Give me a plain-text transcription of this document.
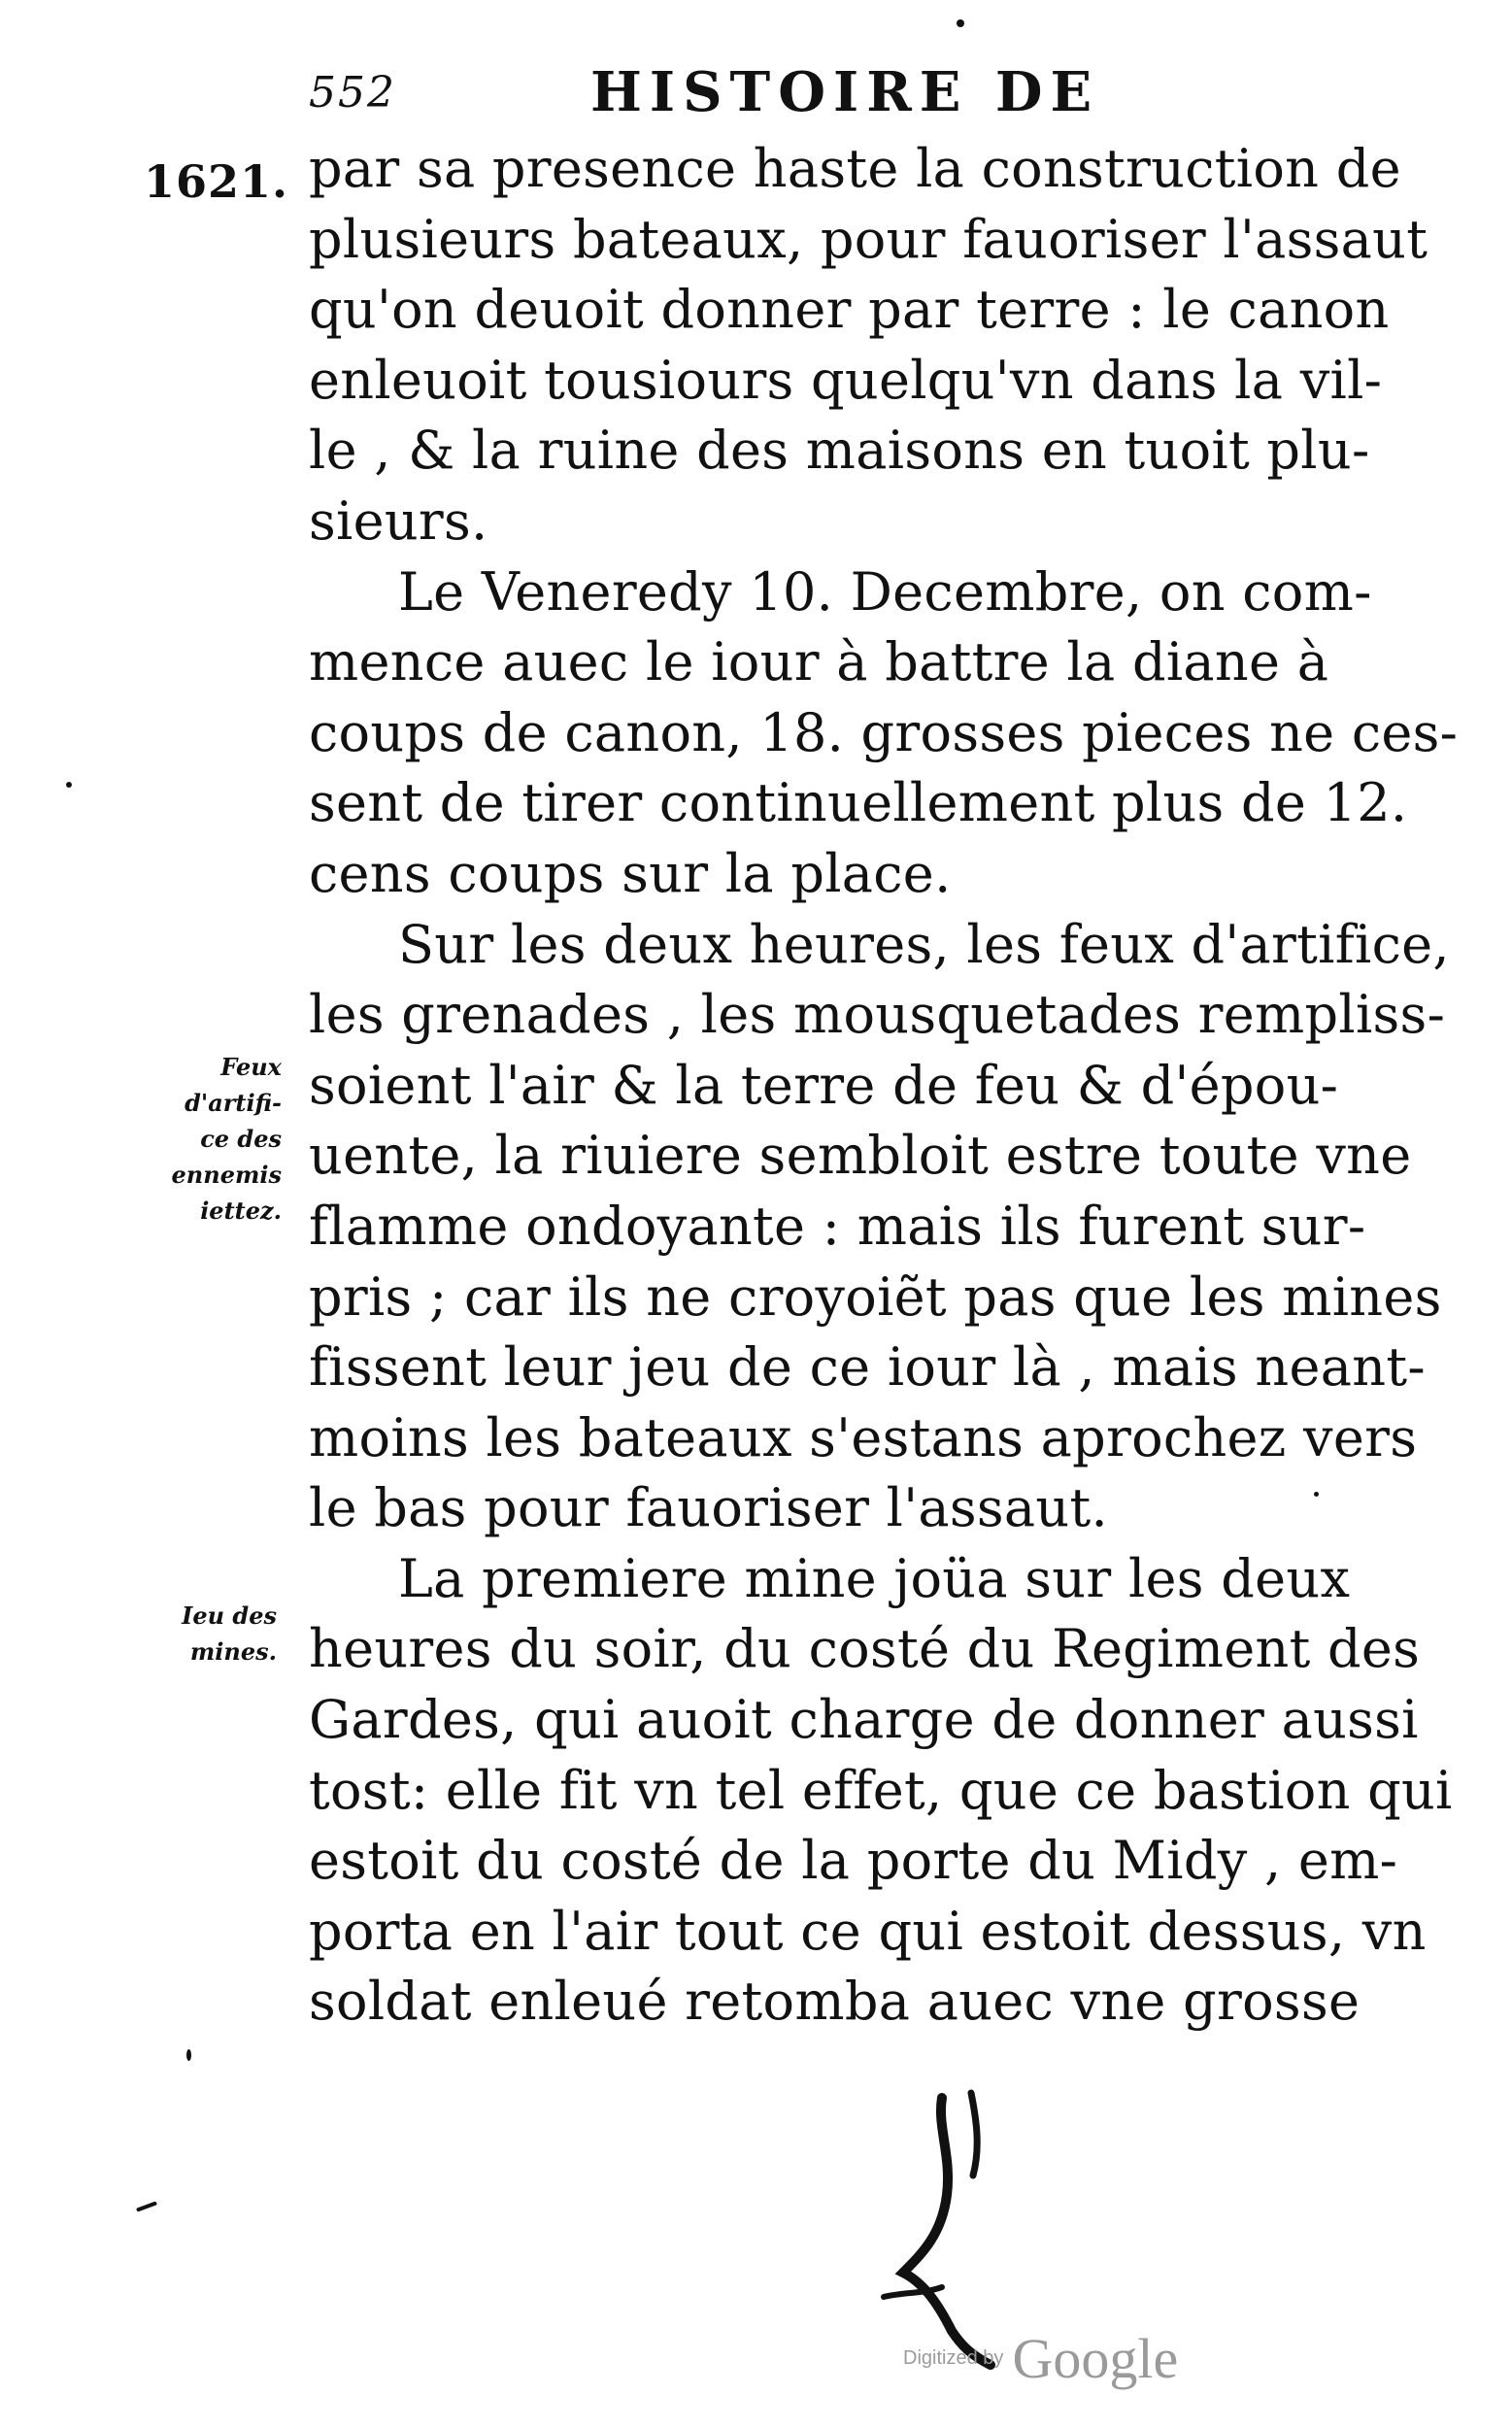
552	HISTOIRE DE
1621. par sa presence haste la construction de
plusieurs bateaux, pour fauoriser l'assaut
qu'on deuoit donner par terre : le canon
enleuoit tousiours quelqu'vn dans la vil-
le , & la ruine des maisons en tuoit plu-
sieurs.
Le Veneredy 10. Decembre, on com-
mence auec le iour à battre la diane à
coups de canon, 18. grosses pieces ne ces-
sent de tirer continuellement plus de 12.
cens coups sur la place.
Sur les deux heures, les feux d'artifice,
les grenades , les mousquetades rempliss-
soient l'air & la terre de feu & d'épou-
uente, la riuiere sembloit estre toute vne
flamme ondoyante : mais ils furent sur-
pris ; car ils ne croyoiẽt pas que les mines
fissent leur jeu de ce iour là , mais neant-
moins les bateaux s'estans aprochez vers
le bas pour fauoriser l'assaut.
La premiere mine joüa sur les deux
heures du soir, du costé du Regiment des
Gardes, qui auoit charge de donner aussi
tost: elle fit vn tel effet, que ce bastion qui
estoit du costé de la porte du Midy , em-
porta en l'air tout ce qui estoit dessus, vn
soldat enleué retomba auec vne grosse
Feux
d'artifi-
ce des
ennemis
iettez.
Ieu des
mines.
Digitized by Google
